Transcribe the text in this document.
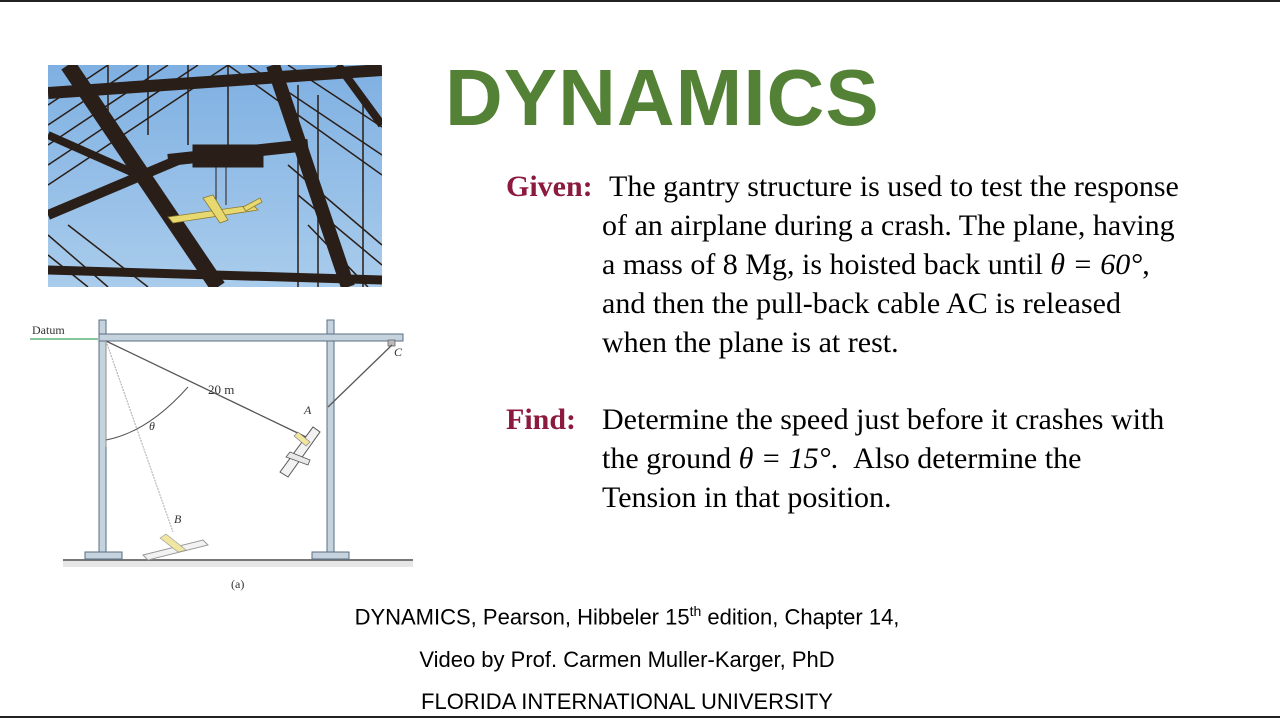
DYNAMICS
Given: The gantry structure is used to test the response
of an airplane during a crash. The plane, having
a mass of 8 Mg, is hoisted back until θ = 60°,
and then the pull-back cable AC is released
when the plane is at rest.
Find: Determine the speed just before it crashes with
the ground θ = 15°.  Also determine the
Tension in that position.
Datum
20 m
θ
A
B
C
(a)
DYNAMICS, Pearson, Hibbeler 15th edition, Chapter 14,
Video by Prof. Carmen Muller-Karger, PhD
FLORIDA INTERNATIONAL UNIVERSITY
